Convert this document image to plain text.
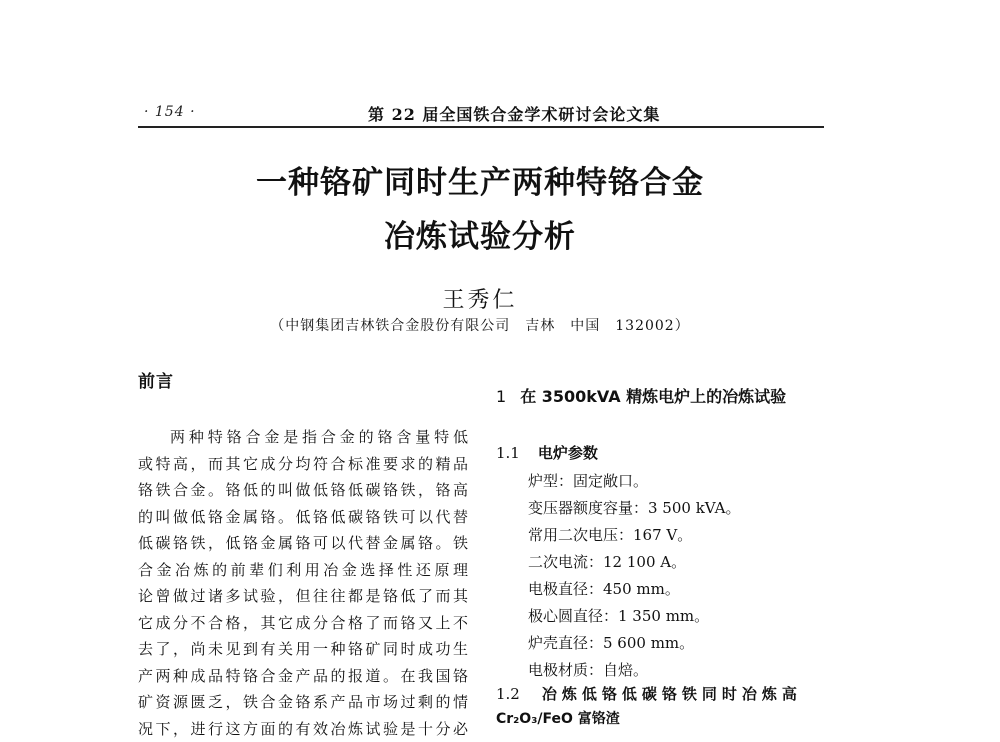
· 154 ·	第 22 届全国铁合金学术研讨会论文集
一种铬矿同时生产两种特铬合金
冶炼试验分析
王秀仁
（中钢集团吉林铁合金股份有限公司　吉林　中国　132002）
前言
两种特铬合金是指合金的铬含量特低
或特高，而其它成分均符合标准要求的精品
铬铁合金。铬低的叫做低铬低碳铬铁，铬高
的叫做低铬金属铬。低铬低碳铬铁可以代替
低碳铬铁，低铬金属铬可以代替金属铬。铁
合金冶炼的前辈们利用冶金选择性还原理
论曾做过诸多试验，但往往都是铬低了而其
它成分不合格，其它成分合格了而铬又上不
去了，尚未见到有关用一种铬矿同时成功生
产两种成品特铬合金产品的报道。在我国铬
矿资源匮乏，铁合金铬系产品市场过剩的情
况下，进行这方面的有效冶炼试验是十分必
1 在 3500kVA 精炼电炉上的冶炼试验
1.1 电炉参数
炉型：固定敞口。
变压器额度容量：3 500 kVA。
常用二次电压：167 V。
二次电流：12 100 A。
电极直径：450 mm。
极心圆直径：1 350 mm。
炉壳直径：5 600 mm。
电极材质：自焙。
1.2 冶炼低铬低碳铬铁同时冶炼高
Cr₂O₃/FeO 富铬渣
